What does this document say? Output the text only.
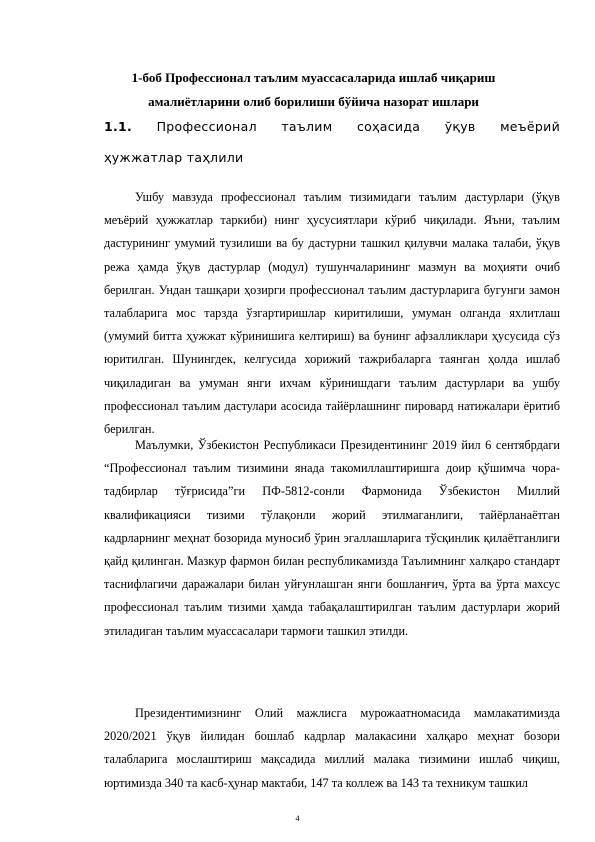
1-боб Профессионал таълим муассасаларида ишлаб чиқариш
амалиётларини олиб борилиши бўйича назорат ишлари
1.1. Профессионал таълим соҳасида ўқув меъёрий
ҳужжатлар таҳлили

Ушбу мавзуда профессионал таълим тизимидаги таълим дастурлари (ўқув меъёрий ҳужжатлар таркиби) нинг ҳусусиятлари кўриб чиқилади. Яъни, таълим дастурининг умумий тузилиши ва бу дастурни ташкил қилувчи малака талаби, ўқув режа ҳамда ўқув дастурлар (модул) тушунчаларининг мазмун ва моҳияти очиб берилган. Ундан ташқари ҳозирги профессионал таълим дастурларига бугунги замон талабларига мос тарзда ўзгартиришлар киритилиши, умуман олганда яхлитлаш (умумий битта ҳужжат кўринишига келтириш) ва бунинг афзалликлари ҳусусида сўз юритилган. Шунингдек, келгусида хорижий тажрибаларга таянган ҳолда ишлаб чиқиладиган ва умуман янги ихчам кўринишдаги таълим дастурлари ва ушбу профессионал таълим дастулари асосида тайёрлашнинг пировард натижалари ёритиб берилган.

Маълумки, Ўзбекистон Республикаси Президентининг 2019 йил 6 сентябрдаги “Профессионал таълим тизимини янада такомиллаштиришга доир қўшимча чора-тадбирлар тўғрисида”ги ПФ-5812-сонли Фармонида Ўзбекистон Миллий квалификацияси тизими тўлақонли жорий этилмаганлиги, тайёрланаётган кадрларнинг меҳнат бозорида муносиб ўрин эгаллашларига тўсқинлик қилаётганлиги қайд қилинган. Мазкур фармон билан республикамизда Таълимнинг халқаро стандарт таснифлагичи даражалари билан уйғунлашган янги бошланғич, ўрта ва ўрта махсус профессионал таълим тизими ҳамда табақалаштирилган таълим дастурлари жорий этиладиган таълим муассасалари тармоғи ташкил этилди.

Президентимизнинг Олий мажлисга мурожаатномасида мамлакатимизда 2020/2021 ўқув йилидан бошлаб кадрлар малакасини халқаро меҳнат бозори талабларига мослаштириш мақсадида миллий малака тизимини ишлаб чиқиш, юртимизда 340 та касб-ҳунар мактаби, 147 та коллеж ва 143 та техникум ташкил

4
